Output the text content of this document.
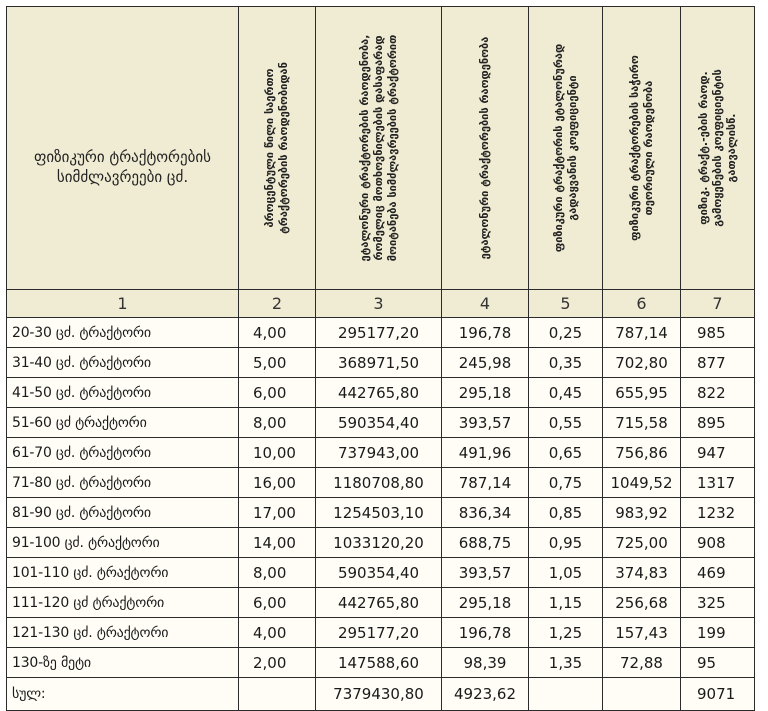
ფიზიკური ტრაქტორების სიმძლავრეები ცძ.	პროცენტული წილი საერთო ტრაქტორების რაოდენობიდან	ეტალონური ტრაქტორების რაოდენობა, რომელიც მოთხოვნილების დასაფარად მოიტანება სიმძლავრეების ტრაქტორით	ეტალონური ტრაქტორების რაოდენობა	ფიზიკური ტრაქტორის ეტალონურად გადაყვანის კოეფიციენტი	ფიზიკური ტრაქტორების საჭირო თეორიული რაოდენობა	ფიზიკ. ტრაქტ.-ების რაოდ. გამოყენების კოეფიციენტის გათვალისწ.

1	2	3	4	5	6	7
20-30 ცძ. ტრაქტორი	4,00	295177,20	196,78	0,25	787,14	985
31-40 ცძ. ტრაქტორი	5,00	368971,50	245,98	0,35	702,80	877
41-50 ცძ. ტრაქტორი	6,00	442765,80	295,18	0,45	655,95	822
51-60 ცძ ტრაქტორი	8,00	590354,40	393,57	0,55	715,58	895
61-70 ცძ. ტრაქტორი	10,00	737943,00	491,96	0,65	756,86	947
71-80 ცძ. ტრაქტორი	16,00	1180708,80	787,14	0,75	1049,52	1317
81-90 ცძ. ტრაქტორი	17,00	1254503,10	836,34	0,85	983,92	1232
91-100 ცძ. ტრაქტორი	14,00	1033120,20	688,75	0,95	725,00	908
101-110 ცძ. ტრაქტორი	8,00	590354,40	393,57	1,05	374,83	469
111-120 ცძ ტრაქტორი	6,00	442765,80	295,18	1,15	256,68	325
121-130 ცძ. ტრაქტორი	4,00	295177,20	196,78	1,25	157,43	199
130-ზე მეტი	2,00	147588,60	98,39	1,35	72,88	95
სულ:		7379430,80	4923,62			9071
